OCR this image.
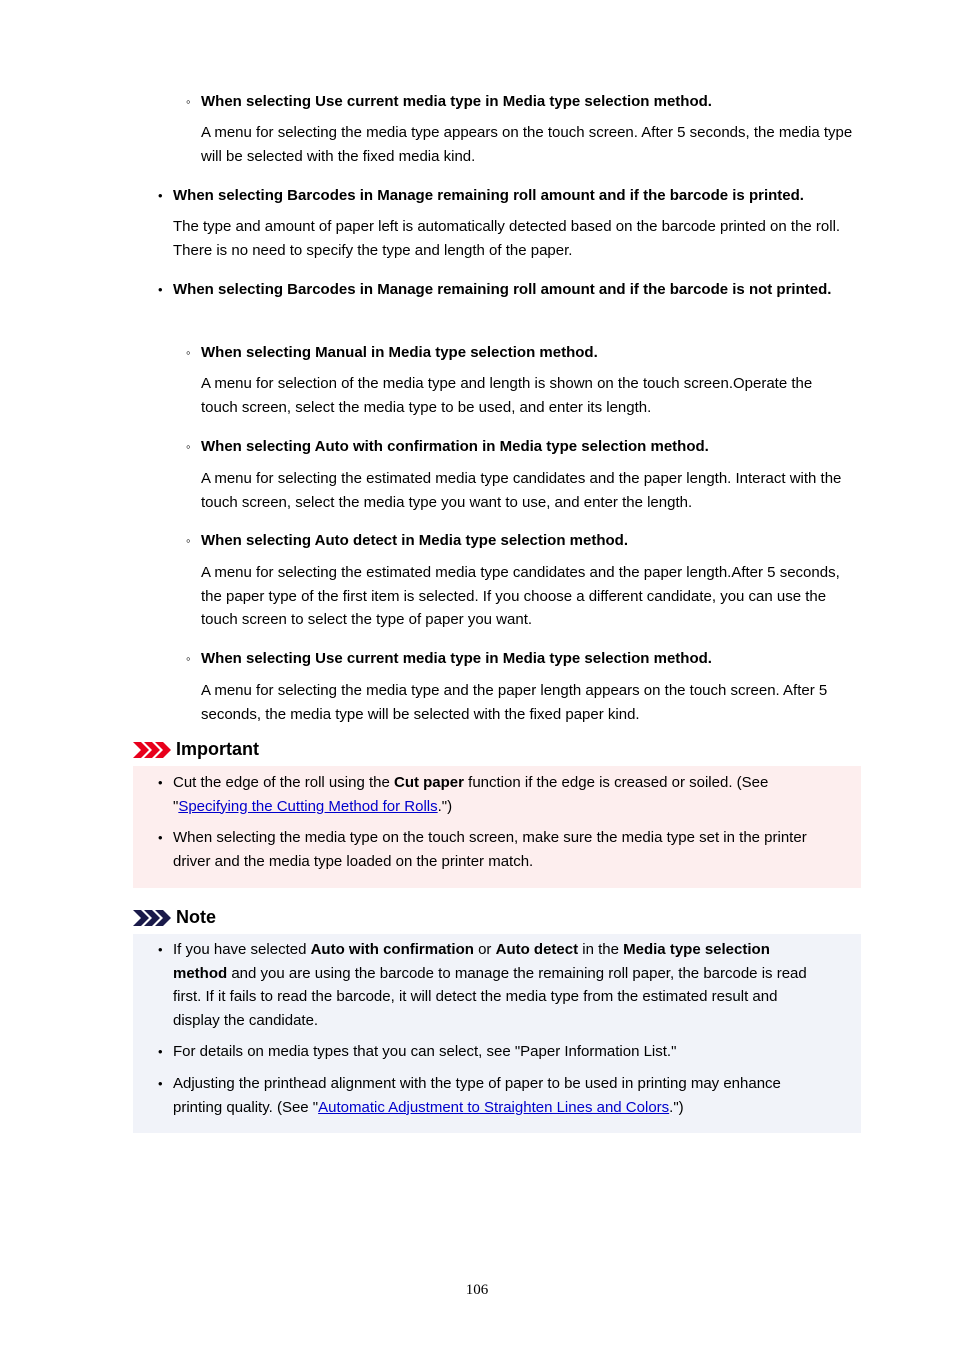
◦ When selecting Use current media type in Media type selection method.
A menu for selecting the media type appears on the touch screen. After 5 seconds, the media type will be selected with the fixed media kind.
• When selecting Barcodes in Manage remaining roll amount and if the barcode is printed.
The type and amount of paper left is automatically detected based on the barcode printed on the roll. There is no need to specify the type and length of the paper.
• When selecting Barcodes in Manage remaining roll amount and if the barcode is not printed.
◦ When selecting Manual in Media type selection method.
A menu for selection of the media type and length is shown on the touch screen.Operate the touch screen, select the media type to be used, and enter its length.
◦ When selecting Auto with confirmation in Media type selection method.
A menu for selecting the estimated media type candidates and the paper length. Interact with the touch screen, select the media type you want to use, and enter the length.
◦ When selecting Auto detect in Media type selection method.
A menu for selecting the estimated media type candidates and the paper length.After 5 seconds, the paper type of the first item is selected. If you choose a different candidate, you can use the touch screen to select the type of paper you want.
◦ When selecting Use current media type in Media type selection method.
A menu for selecting the media type and the paper length appears on the touch screen. After 5 seconds, the media type will be selected with the fixed paper kind.
Important
• Cut the edge of the roll using the Cut paper function if the edge is creased or soiled. (See
"Specifying the Cutting Method for Rolls.")
• When selecting the media type on the touch screen, make sure the media type set in the printer driver and the media type loaded on the printer match.
Note
• If you have selected Auto with confirmation or Auto detect in the Media type selection
method and you are using the barcode to manage the remaining roll paper, the barcode is read
first. If it fails to read the barcode, it will detect the media type from the estimated result and
display the candidate.
• For details on media types that you can select, see "Paper Information List."
• Adjusting the printhead alignment with the type of paper to be used in printing may enhance
printing quality. (See "Automatic Adjustment to Straighten Lines and Colors.")
106
